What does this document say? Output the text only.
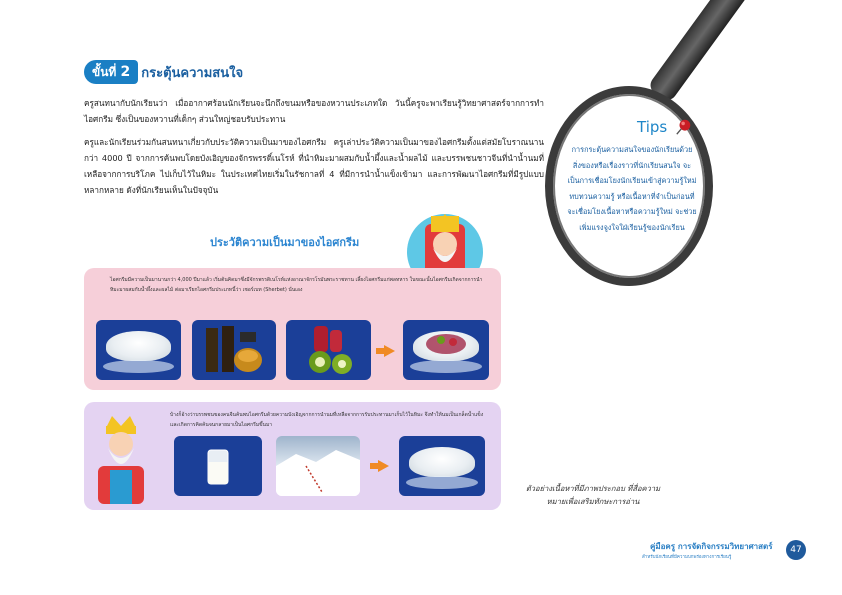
ขั้นที่ 2 กระตุ้นความสนใจ

ครูสนทนากับนักเรียนว่า เมื่ออากาศร้อนนักเรียนจะนึกถึงขนมหรือของหวานประเภทใด วันนี้ครูจะพาเรียนรู้วิทยาศาสตร์จากการทำไอศกรีม ซึ่งเป็นของหวานที่เด็กๆ ส่วนใหญ่ชอบรับประทาน

ครูและนักเรียนร่วมกันสนทนาเกี่ยวกับประวัติความเป็นมาของไอศกรีม ครูเล่าประวัติความเป็นมาของไอศกรีมตั้งแต่สมัยโบราณนานกว่า 4000 ปี จากการค้นพบโดยบังเอิญของจักรพรรดิ์เนโรห์ ที่นำหิมะมาผสมกับน้ำผึ้งและน้ำผลไม้ และบรรพชนชาวจีนที่นำน้ำนมที่เหลือจากการบริโภค ไปเก็บไว้ในหิมะ ในประเทศไทยเริ่มในรัชกาลที่ 4 ที่มีการนำน้ำแข็งเข้ามา และการพัฒนาไอศกรีมที่มีรูปแบบหลากหลาย ดังที่นักเรียนเห็นในปัจจุบัน

Tips
การกระตุ้นความสนใจของนักเรียนด้วยสิ่งของหรือเรื่องราวที่นักเรียนสนใจ จะเป็นการเชื่อมโยงนักเรียนเข้าสู่ความรู้ใหม่ ทบทวนความรู้ หรือเนื้อหาที่จำเป็นก่อนที่จะเชื่อมโยงเนื้อหาหรือความรู้ใหม่ จะช่วยเพิ่มแรงจูงใจใฝ่เรียนรู้ของนักเรียน
ประวัติความเป็นมาของไอศกรีม

ไอศกรีมมีความเป็นมานานกว่า 4,000 ปีมาแล้ว เริ่มต้นคิดมาซึ่งมีจักรพรรดิเนโรห์แห่งอาณาจักรโรมันพระราชทาน เลี้ยงไอศกรีมแก่พลทหาร ในขณะนั้นไอศกรีมเกิดจากการนำหิมะมาผสมกับน้ำผึ้งและผลไม้ ต่อมาเรียกไอศกรีมประเภทนี้ว่า เชอร์เบท (Sherbet) นั่นเอง

บ้างก็อ้างว่าบรรพชนของคนจีนค้นพบไอศกรีมด้วยความบังเอิญจากการนำนมที่เหลือจากการรับประทานมาเก็บไว้ในหิมะ จึงทำให้นมเป็นเกล็ดน้ำแข็ง และเกิดการคิดค้นจนกลายมาเป็นไอศกรีมขึ้นมา

ตัวอย่างเนื้อหาที่มีภาพประกอบ ที่สื่อความหมายเพื่อเสริมทักษะการอ่าน

คู่มือครู การจัดกิจกรรมวิทยาศาสตร์
สำหรับนักเรียนที่มีความบกพร่องทางการเรียนรู้
47
